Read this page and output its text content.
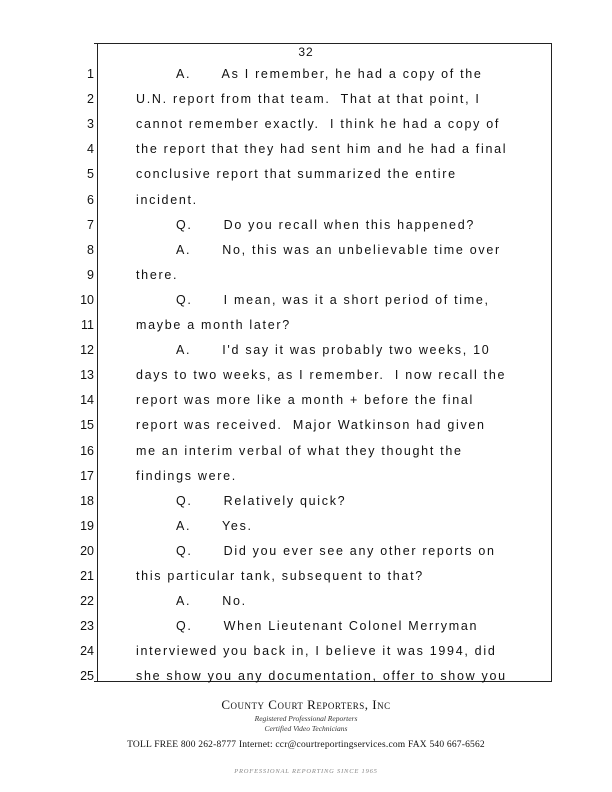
32
1	A.      As I remember, he had a copy of the
2	U.N. report from that team.  That at that point, I
3	cannot remember exactly.  I think he had a copy of
4	the report that they had sent him and he had a final
5	conclusive report that summarized the entire
6	incident.
7	Q.      Do you recall when this happened?
8	A.      No, this was an unbelievable time over
9	there.
10	Q.      I mean, was it a short period of time,
11	maybe a month later?
12	A.      I'd say it was probably two weeks, 10
13	days to two weeks, as I remember.  I now recall the
14	report was more like a month + before the final
15	report was received.  Major Watkinson had given
16	me an interim verbal of what they thought the
17	findings were.
18	Q.      Relatively quick?
19	A.      Yes.
20	Q.      Did you ever see any other reports on
21	this particular tank, subsequent to that?
22	A.      No.
23	Q.      When Lieutenant Colonel Merryman
24	interviewed you back in, I believe it was 1994, did
25	she show you any documentation, offer to show you
County Court Reporters, Inc
Registered Professional Reporters
Certified Video Technicians
TOLL FREE 800 262-8777 Internet: ccr@courtreportingservices.com FAX 540 667-6562
PROFESSIONAL REPORTING SINCE 1965
